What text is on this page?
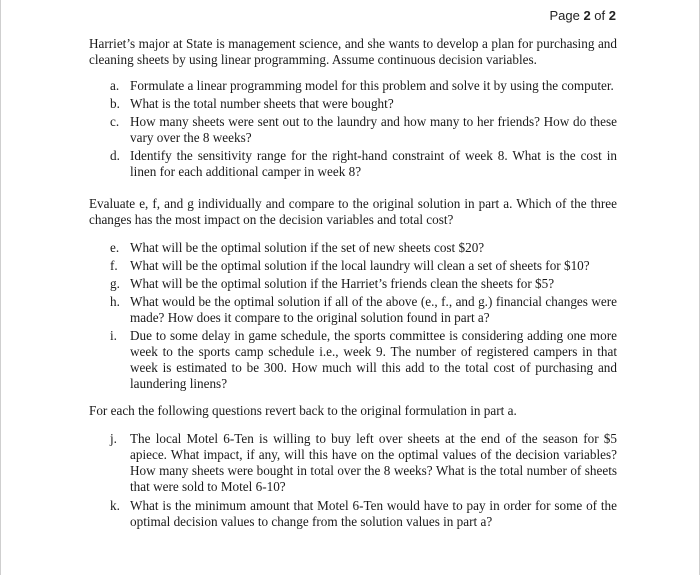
Page 2 of 2

Harriet’s major at State is management science, and she wants to develop a plan for purchasing and cleaning sheets by using linear programming. Assume continuous decision variables.

a. Formulate a linear programming model for this problem and solve it by using the computer.
b. What is the total number sheets that were bought?
c. How many sheets were sent out to the laundry and how many to her friends? How do these vary over the 8 weeks?
d. Identify the sensitivity range for the right-hand constraint of week 8. What is the cost in linen for each additional camper in week 8?

Evaluate e, f, and g individually and compare to the original solution in part a. Which of the three changes has the most impact on the decision variables and total cost?

e. What will be the optimal solution if the set of new sheets cost $20?
f. What will be the optimal solution if the local laundry will clean a set of sheets for $10?
g. What will be the optimal solution if the Harriet’s friends clean the sheets for $5?
h. What would be the optimal solution if all of the above (e., f., and g.) financial changes were made? How does it compare to the original solution found in part a?
i. Due to some delay in game schedule, the sports committee is considering adding one more week to the sports camp schedule i.e., week 9. The number of registered campers in that week is estimated to be 300. How much will this add to the total cost of purchasing and laundering linens?

For each the following questions revert back to the original formulation in part a.

j. The local Motel 6-Ten is willing to buy left over sheets at the end of the season for $5 apiece. What impact, if any, will this have on the optimal values of the decision variables? How many sheets were bought in total over the 8 weeks? What is the total number of sheets that were sold to Motel 6-10?
k. What is the minimum amount that Motel 6-Ten would have to pay in order for some of the optimal decision values to change from the solution values in part a?
